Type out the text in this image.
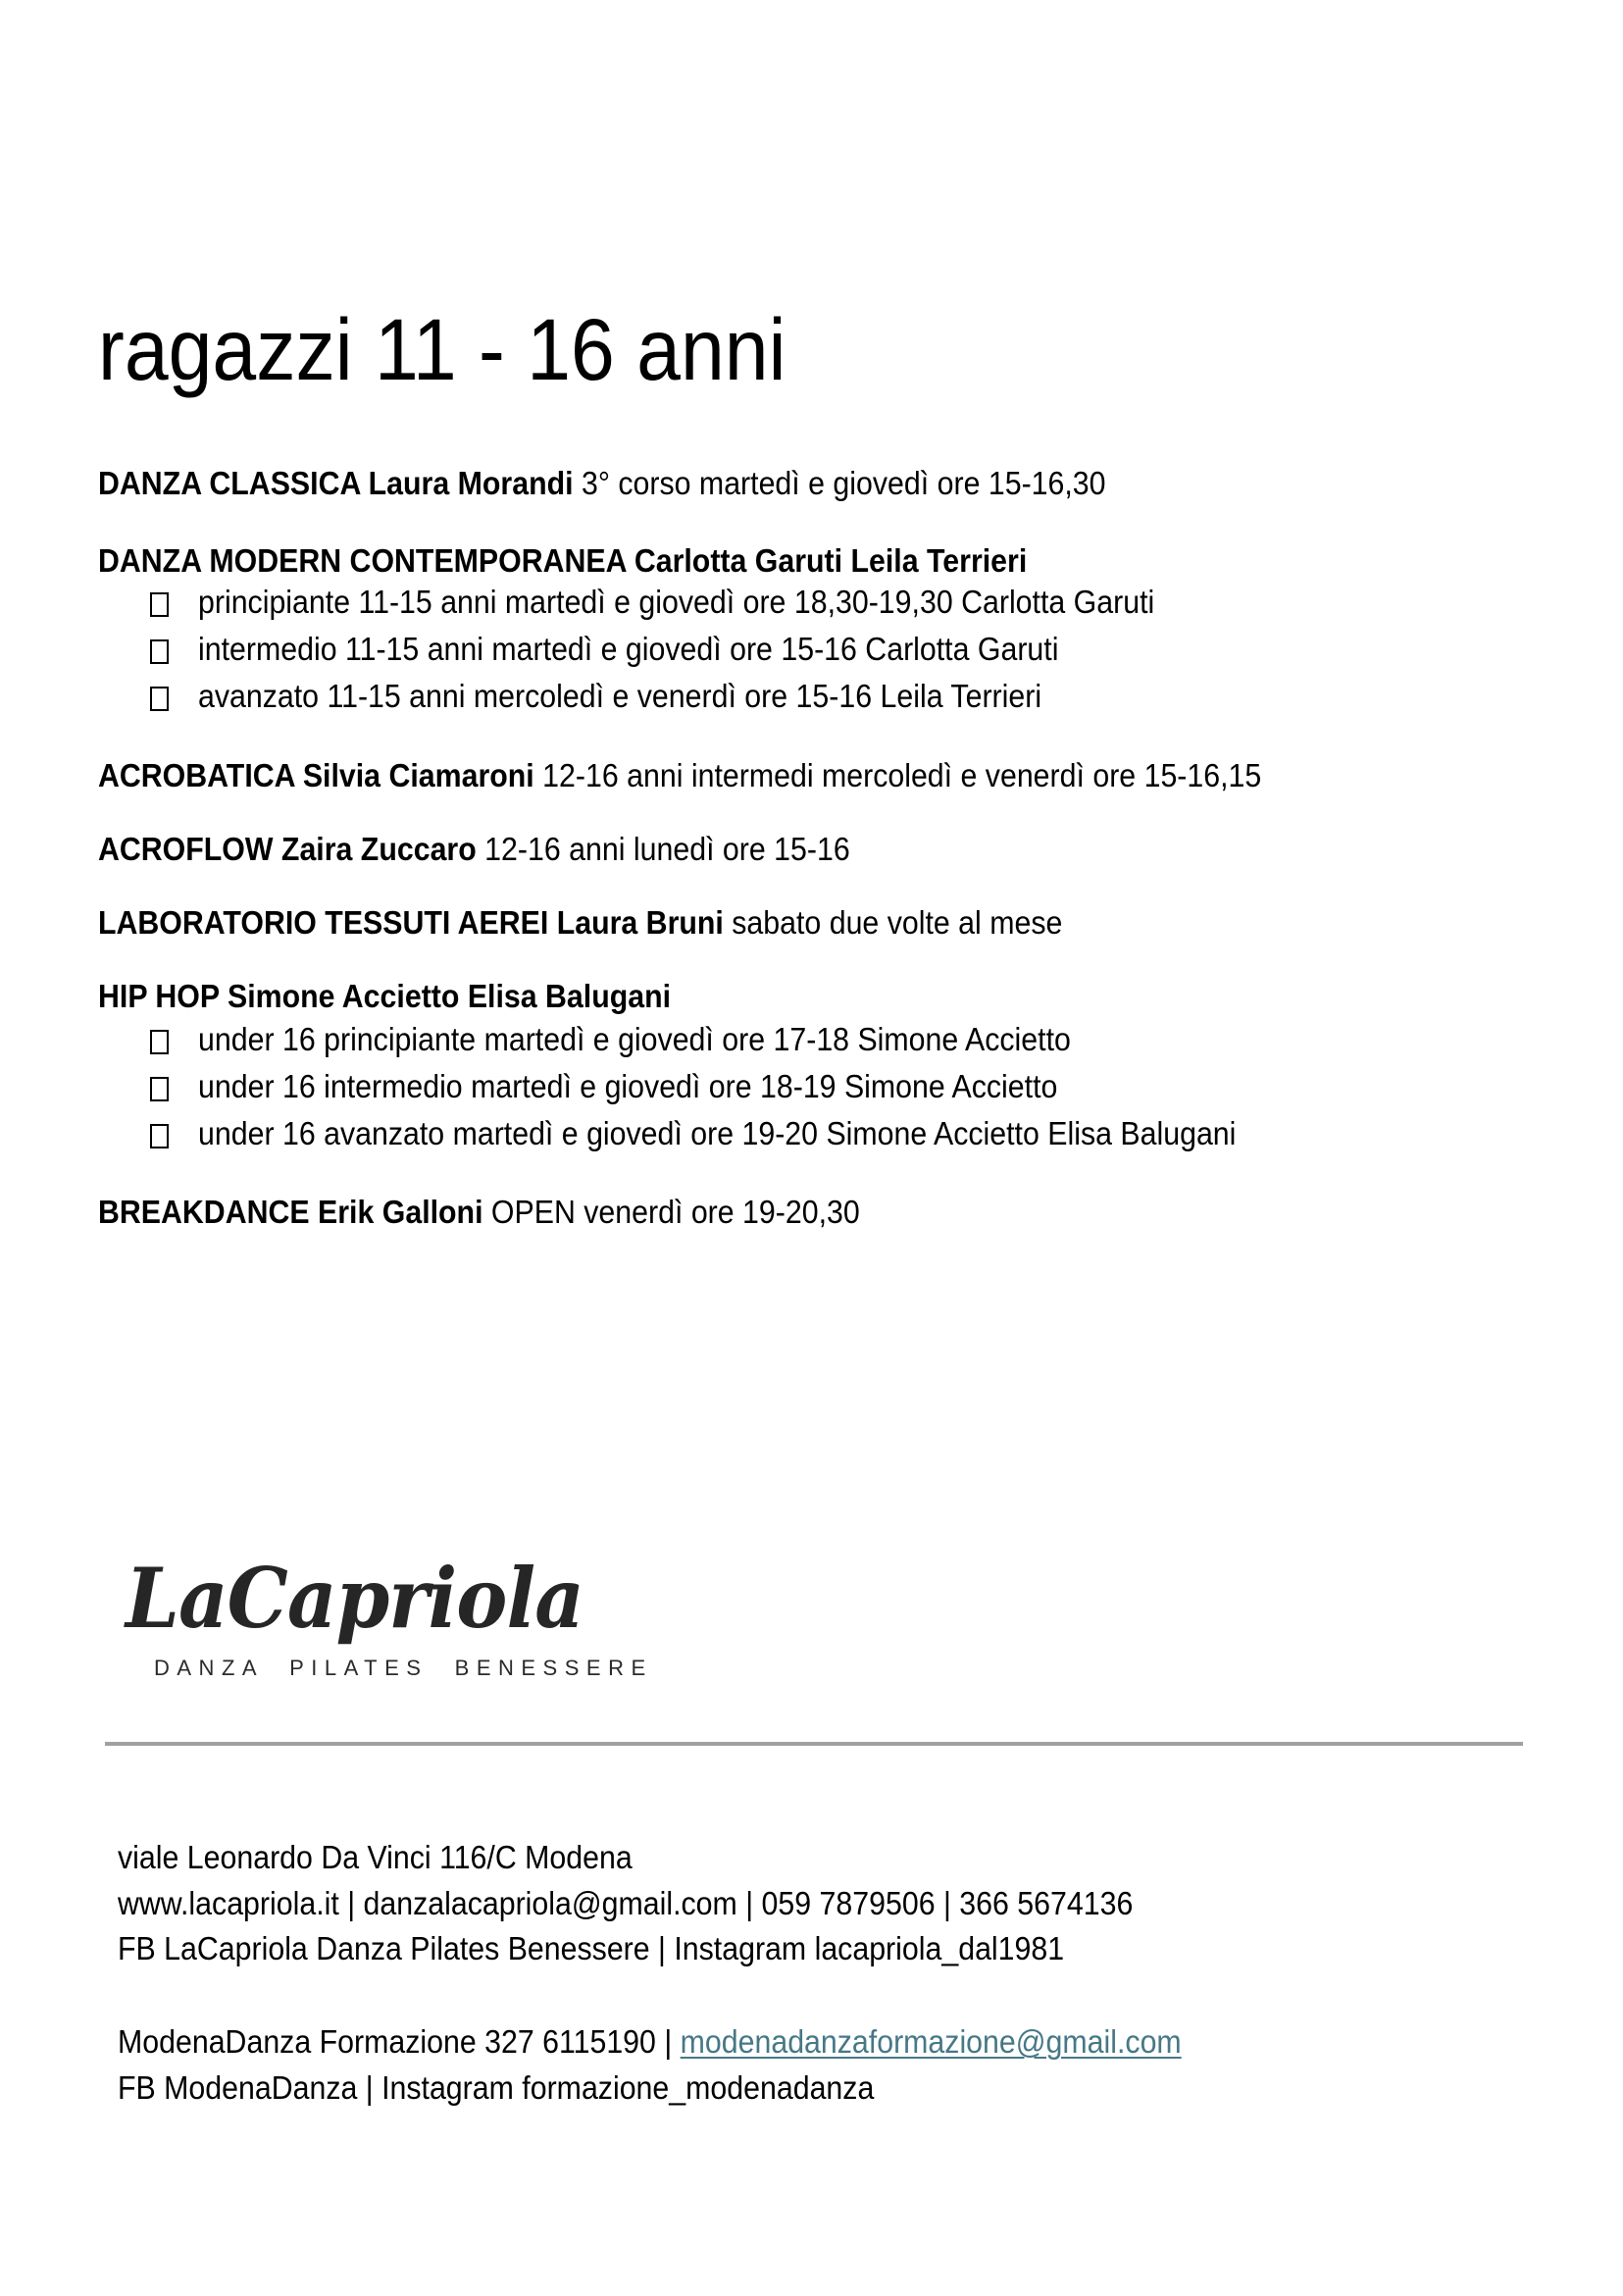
ragazzi 11 - 16 anni
DANZA CLASSICA Laura Morandi 3° corso martedì e giovedì ore 15-16,30
DANZA MODERN CONTEMPORANEA Carlotta Garuti Leila Terrieri
principiante 11-15 anni martedì e giovedì ore 18,30-19,30 Carlotta Garuti
intermedio 11-15 anni martedì e giovedì ore 15-16 Carlotta Garuti
avanzato 11-15 anni mercoledì e venerdì ore 15-16 Leila Terrieri
ACROBATICA Silvia Ciamaroni 12-16 anni intermedi mercoledì e venerdì ore 15-16,15
ACROFLOW Zaira Zuccaro 12-16 anni lunedì ore 15-16
LABORATORIO TESSUTI AEREI Laura Bruni sabato due volte al mese
HIP HOP Simone Accietto Elisa Balugani
under 16 principiante martedì e giovedì ore 17-18 Simone Accietto
under 16 intermedio martedì e giovedì ore 18-19 Simone Accietto
under 16 avanzato martedì e giovedì ore 19-20 Simone Accietto Elisa Balugani
BREAKDANCE Erik Galloni OPEN venerdì ore 19-20,30
LaCapriola
DANZA  PILATES  BENESSERE
viale Leonardo Da Vinci 116/C Modena
www.lacapriola.it | danzalacapriola@gmail.com | 059 7879506 | 366 5674136
FB LaCapriola Danza Pilates Benessere | Instagram lacapriola_dal1981
ModenaDanza Formazione 327 6115190 | modenadanzaformazione@gmail.com
FB ModenaDanza | Instagram formazione_modenadanza
